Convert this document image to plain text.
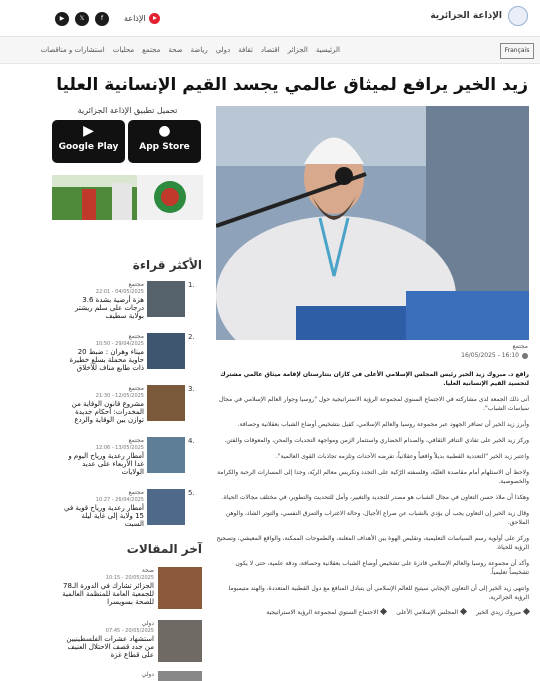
الإذاعة الجزائرية
الإذاعة
▶	𝕏	f
Français
الرئيسية
الجزائر
اقتصاد
ثقافة
دولي
رياضة
صحة
مجتمع
محليات
استشارات و مناقصات
زيد الخير يرافع لميثاق عالمي يجسد القيم الإنسانية العليا
مجتمع
16:10 - 16/05/2025

راقع د. مبروك زيد الخير رئيس المجلس الإسلامي الأعلى في كازان بتتارستان لإقامة ميثاق عالمي مشترك لتجسيد القيم الإنسانية العليا.

أتى ذلك الجمعة لدى مشاركته في الاجتماع السنوي لمجموعة الرؤية الاستراتيجية حول "روسيا وجوار العالم الإسلامي في مجال سياسات الشباب".

وأبرز زيد الخير أن تضافر الجهود عبر مجموعة روسيا والعالم الإسلامي، كفيل بتشخيص أوضاع الشباب بعقلانية وحصافة.

وركز زيد الخير على تفادي التنافر الثقافي، والصدام الحضاري واستثمار الزمن ومواجهة التحديات والمحن، والمعوقات والفتن.

واعتبر زيد الخير "التعددية القطبية بديلاً واقعياً وعقلانياً، تفرضه الأحداث وتلزمه تجاذبات القوى العالمية".

ولاحظ أن الاستلهام أمام مقاصده العليّة، وفلسفته الرّكية على التجدد وتكريس معالم الريّة، وجدا إلى المسارات الرحبة والكرامة والخصوصية.

وهكذا أن ملاذ حسن التعاون في مجال الشباب هو مصدر للتجديد والتغيير، وأمل للتحديث والتطوير، في مختلف مجالات الحياة.

وقال زيد الخير إن التعاون يجب أن يؤدي بالشباب عن صراع الأجيال، وحالة الاغتراب والتمزق النفسي، والتوتر الشاذ، والوهن الملاحق.

وركز على أولوية رسم السياسات التعليمية، وتقليص الهوة بين الأهداف المعلنة، والطموحات الممكنة، والواقع المعيشي، وتصحيح الرؤية للحياة.

وأكد أن مجموعة روسيا والعالم الإسلامي قادرة على تشخيص أوضاع الشباب بعقلانية وحصافة، ودقة علمية، حتى لا يكون تشخيصاً تعليمياً.

وانتهى زيد الخير إلى أن التعاون الإيجابي سيتيح للعالم الإسلامي أن يتبادل المنافع مع دول القطبية المتعددة، والهند متيمبوما الرؤية الجزائرية.

مبروك زيدي الخير
المجلس الإسلامي الأعلى
الاجتماع السنوي لمجموعة الرؤية الاستراتيجية
تحميل تطبيق الإذاعة الجزائرية
●
App Store
▶
Google Play
الأكثر قراءة
1.
مجتمع
04/05/2025 - 22:01
هزة أرضية بشدة 3.6 درجات على سلم ريشتر بولاية سطيف
2.
مجتمع
29/04/2025 - 10:50
ميناء وهران : ضبط 20 حاوية محملة بسلع خطيرة ذات طابع مناف للأخلاق
3.
مجتمع
12/05/2025 - 21:30
مشروع قانون الوقاية من المخدرات: أحكام جديدة توازن بين الوقاية والردع
4.
مجتمع
13/05/2025 - 12:06
أمطار رعدية ورياح اليوم و غدا الأربعاء على عديد الولايات
5.
مجتمع
26/04/2025 - 10:27
أمطار رعدية ورياح قوية في 15 ولاية إلى غاية ليلة السبت
آخر المقالات
صحة
20/05/2025 - 10:15
الجزائر تشارك في الدورة الـ78 للجمعية العامة للمنظمة العالمية للصحة بسويسرا
دولي
20/05/2025 - 07:45
استشهاد عشرات الفلسطينيين من جدد قصف الاحتلال العنيف على قطاع غزة
دولي
